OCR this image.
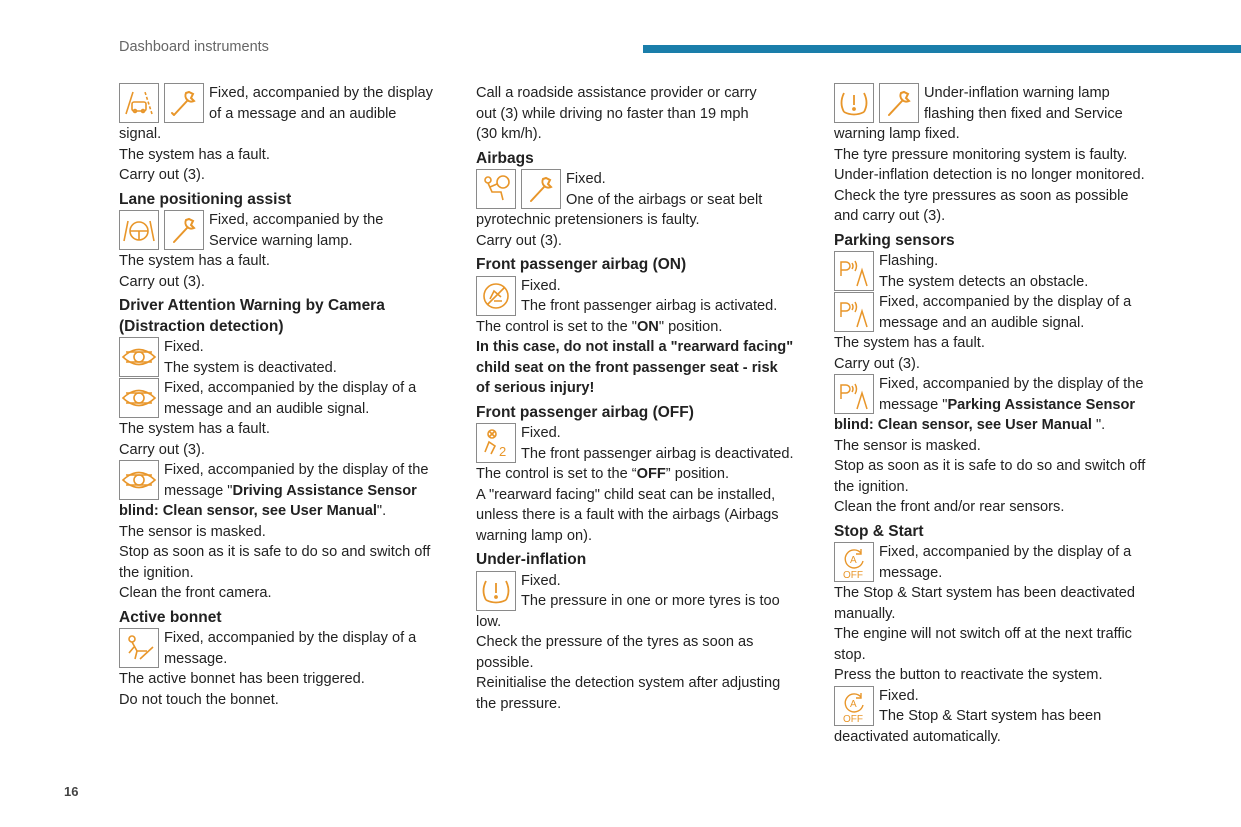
Dashboard instruments
16

Fixed, accompanied by the display

of a message and an audible

signal.

The system has a fault.

Carry out (3).

Lane positioning assist

Fixed, accompanied by the

Service warning lamp.

The system has a fault.

Carry out (3).

Driver Attention Warning by Camera
(Distraction detection)

Fixed.

The system is deactivated.

Fixed, accompanied by the display of a

message and an audible signal.

The system has a fault.

Carry out (3).

Fixed, accompanied by the display of the

message "Driving Assistance Sensor

blind: Clean sensor, see User Manual".

The sensor is masked.

Stop as soon as it is safe to do so and switch off

the ignition.

Clean the front camera.

Active bonnet

Fixed, accompanied by the display of a

message.

The active bonnet has been triggered.

Do not touch the bonnet.

Call a roadside assistance provider or carry

out (3) while driving no faster than 19 mph

(30 km/h).

Airbags

Fixed.

One of the airbags or seat belt

pyrotechnic pretensioners is faulty.

Carry out (3).

Front passenger airbag (ON)

Fixed.

The front passenger airbag is activated.

The control is set to the "ON" position.

In this case, do not install a "rearward facing"

child seat on the front passenger seat - risk

of serious injury!

Front passenger airbag (OFF)
2

Fixed.

The front passenger airbag is deactivated.

The control is set to the “OFF” position.

A "rearward facing" child seat can be installed,

unless there is a fault with the airbags (Airbags

warning lamp on).

Under-inflation

Fixed.

The pressure in one or more tyres is too

low.

Check the pressure of the tyres as soon as

possible.

Reinitialise the detection system after adjusting

the pressure.

Under-inflation warning lamp

flashing then fixed and Service

warning lamp fixed.

The tyre pressure monitoring system is faulty.

Under-inflation detection is no longer monitored.

Check the tyre pressures as soon as possible

and carry out (3).

Parking sensors

Flashing.

The system detects an obstacle.

Fixed, accompanied by the display of a

message and an audible signal.

The system has a fault.

Carry out (3).

Fixed, accompanied by the display of the

message "Parking Assistance Sensor

blind: Clean sensor, see User Manual ".

The sensor is masked.

Stop as soon as it is safe to do so and switch off

the ignition.

Clean the front and/or rear sensors.

Stop & Start
A
OFF

Fixed, accompanied by the display of a

message.

The Stop & Start system has been deactivated

manually.

The engine will not switch off at the next traffic

stop.

Press the button to reactivate the system.

A
OFF

Fixed.

The Stop & Start system has been

deactivated automatically.
